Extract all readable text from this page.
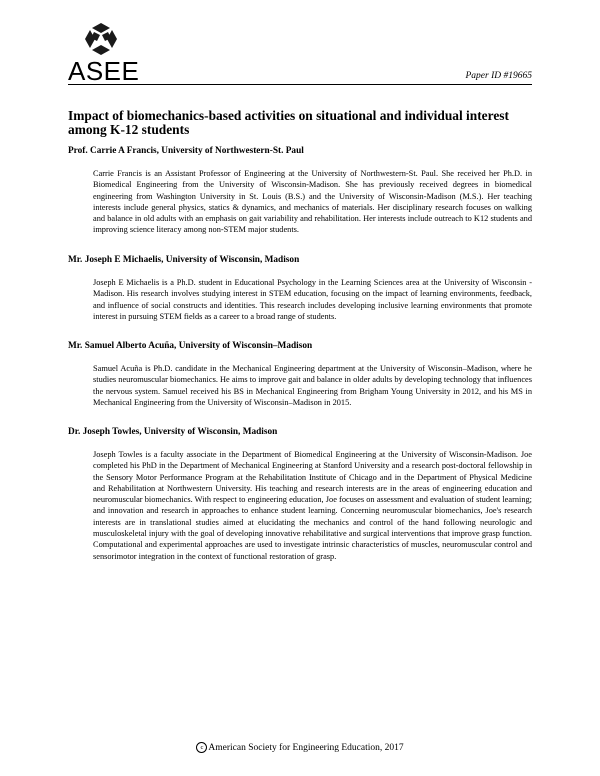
ASEE	Paper ID #19665
Impact of biomechanics-based activities on situational and individual interest among K-12 students

Prof. Carrie A Francis, University of Northwestern-St. Paul

Carrie Francis is an Assistant Professor of Engineering at the University of Northwestern-St. Paul. She received her Ph.D. in Biomedical Engineering from the University of Wisconsin-Madison. She has previously received degrees in biomedical engineering from Washington University in St. Louis (B.S.) and the University of Wisconsin-Madison (M.S.). Her teaching interests include general physics, statics & dynamics, and mechanics of materials. Her disciplinary research focuses on walking and balance in old adults with an emphasis on gait variability and rehabilitation. Her interests include outreach to K12 students and improving science literacy among non-STEM major students.

Mr. Joseph E Michaelis, University of Wisconsin, Madison

Joseph E Michaelis is a Ph.D. student in Educational Psychology in the Learning Sciences area at the University of Wisconsin - Madison. His research involves studying interest in STEM education, focusing on the impact of learning environments, feedback, and influence of social constructs and identities. This research includes developing inclusive learning environments that promote interest in pursuing STEM fields as a career to a broad range of students.

Mr. Samuel Alberto Acuña, University of Wisconsin–Madison

Samuel Acuña is Ph.D. candidate in the Mechanical Engineering department at the University of Wisconsin–Madison, where he studies neuromuscular biomechanics. He aims to improve gait and balance in older adults by developing technology that influences the nervous system. Samuel received his BS in Mechanical Engineering from Brigham Young University in 2012, and his MS in Mechanical Engineering from the University of Wisconsin–Madison in 2015.

Dr. Joseph Towles, University of Wisconsin, Madison

Joseph Towles is a faculty associate in the Department of Biomedical Engineering at the University of Wisconsin-Madison. Joe completed his PhD in the Department of Mechanical Engineering at Stanford University and a research post-doctoral fellowship in the Sensory Motor Performance Program at the Rehabilitation Institute of Chicago and in the Department of Physical Medicine and Rehabilitation at Northwestern University. His teaching and research interests are in the areas of engineering education and neuromuscular biomechanics. With respect to engineering education, Joe focuses on assessment and evaluation of student learning; and innovation and research in approaches to enhance student learning. Concerning neuromuscular biomechanics, Joe's research interests are in translational studies aimed at elucidating the mechanics and control of the hand following neurologic and musculoskeletal injury with the goal of developing innovative rehabilitative and surgical interventions that improve grasp function. Computational and experimental approaches are used to investigate intrinsic characteristics of muscles, neuromuscular control and sensorimotor integration in the context of functional restoration of grasp.

c American Society for Engineering Education, 2017
